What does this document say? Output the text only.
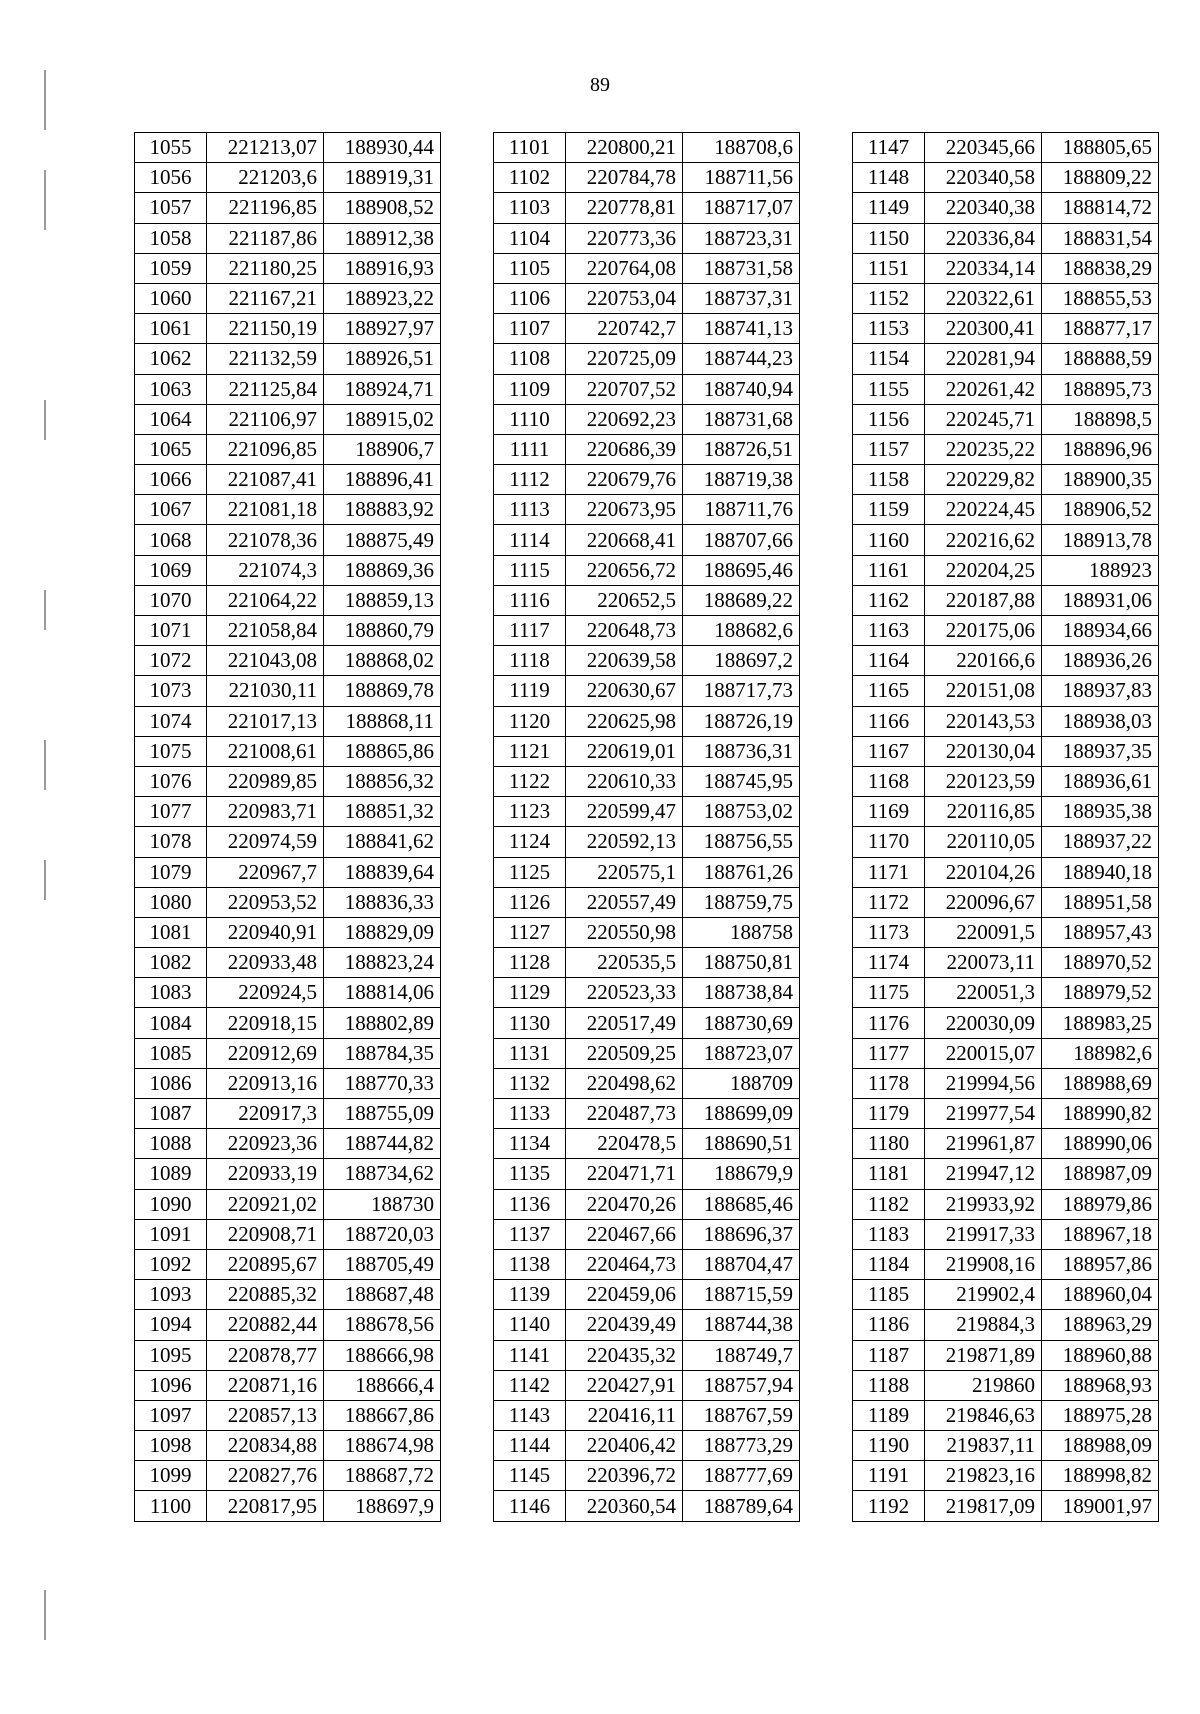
89
1055	221213,07	188930,44
1056	221203,6	188919,31
1057	221196,85	188908,52
1058	221187,86	188912,38
1059	221180,25	188916,93
1060	221167,21	188923,22
1061	221150,19	188927,97
1062	221132,59	188926,51
1063	221125,84	188924,71
1064	221106,97	188915,02
1065	221096,85	188906,7
1066	221087,41	188896,41
1067	221081,18	188883,92
1068	221078,36	188875,49
1069	221074,3	188869,36
1070	221064,22	188859,13
1071	221058,84	188860,79
1072	221043,08	188868,02
1073	221030,11	188869,78
1074	221017,13	188868,11
1075	221008,61	188865,86
1076	220989,85	188856,32
1077	220983,71	188851,32
1078	220974,59	188841,62
1079	220967,7	188839,64
1080	220953,52	188836,33
1081	220940,91	188829,09
1082	220933,48	188823,24
1083	220924,5	188814,06
1084	220918,15	188802,89
1085	220912,69	188784,35
1086	220913,16	188770,33
1087	220917,3	188755,09
1088	220923,36	188744,82
1089	220933,19	188734,62
1090	220921,02	188730
1091	220908,71	188720,03
1092	220895,67	188705,49
1093	220885,32	188687,48
1094	220882,44	188678,56
1095	220878,77	188666,98
1096	220871,16	188666,4
1097	220857,13	188667,86
1098	220834,88	188674,98
1099	220827,76	188687,72
1100	220817,95	188697,9
1101	220800,21	188708,6
1102	220784,78	188711,56
1103	220778,81	188717,07
1104	220773,36	188723,31
1105	220764,08	188731,58
1106	220753,04	188737,31
1107	220742,7	188741,13
1108	220725,09	188744,23
1109	220707,52	188740,94
1110	220692,23	188731,68
1111	220686,39	188726,51
1112	220679,76	188719,38
1113	220673,95	188711,76
1114	220668,41	188707,66
1115	220656,72	188695,46
1116	220652,5	188689,22
1117	220648,73	188682,6
1118	220639,58	188697,2
1119	220630,67	188717,73
1120	220625,98	188726,19
1121	220619,01	188736,31
1122	220610,33	188745,95
1123	220599,47	188753,02
1124	220592,13	188756,55
1125	220575,1	188761,26
1126	220557,49	188759,75
1127	220550,98	188758
1128	220535,5	188750,81
1129	220523,33	188738,84
1130	220517,49	188730,69
1131	220509,25	188723,07
1132	220498,62	188709
1133	220487,73	188699,09
1134	220478,5	188690,51
1135	220471,71	188679,9
1136	220470,26	188685,46
1137	220467,66	188696,37
1138	220464,73	188704,47
1139	220459,06	188715,59
1140	220439,49	188744,38
1141	220435,32	188749,7
1142	220427,91	188757,94
1143	220416,11	188767,59
1144	220406,42	188773,29
1145	220396,72	188777,69
1146	220360,54	188789,64
1147	220345,66	188805,65
1148	220340,58	188809,22
1149	220340,38	188814,72
1150	220336,84	188831,54
1151	220334,14	188838,29
1152	220322,61	188855,53
1153	220300,41	188877,17
1154	220281,94	188888,59
1155	220261,42	188895,73
1156	220245,71	188898,5
1157	220235,22	188896,96
1158	220229,82	188900,35
1159	220224,45	188906,52
1160	220216,62	188913,78
1161	220204,25	188923
1162	220187,88	188931,06
1163	220175,06	188934,66
1164	220166,6	188936,26
1165	220151,08	188937,83
1166	220143,53	188938,03
1167	220130,04	188937,35
1168	220123,59	188936,61
1169	220116,85	188935,38
1170	220110,05	188937,22
1171	220104,26	188940,18
1172	220096,67	188951,58
1173	220091,5	188957,43
1174	220073,11	188970,52
1175	220051,3	188979,52
1176	220030,09	188983,25
1177	220015,07	188982,6
1178	219994,56	188988,69
1179	219977,54	188990,82
1180	219961,87	188990,06
1181	219947,12	188987,09
1182	219933,92	188979,86
1183	219917,33	188967,18
1184	219908,16	188957,86
1185	219902,4	188960,04
1186	219884,3	188963,29
1187	219871,89	188960,88
1188	219860	188968,93
1189	219846,63	188975,28
1190	219837,11	188988,09
1191	219823,16	188998,82
1192	219817,09	189001,97
